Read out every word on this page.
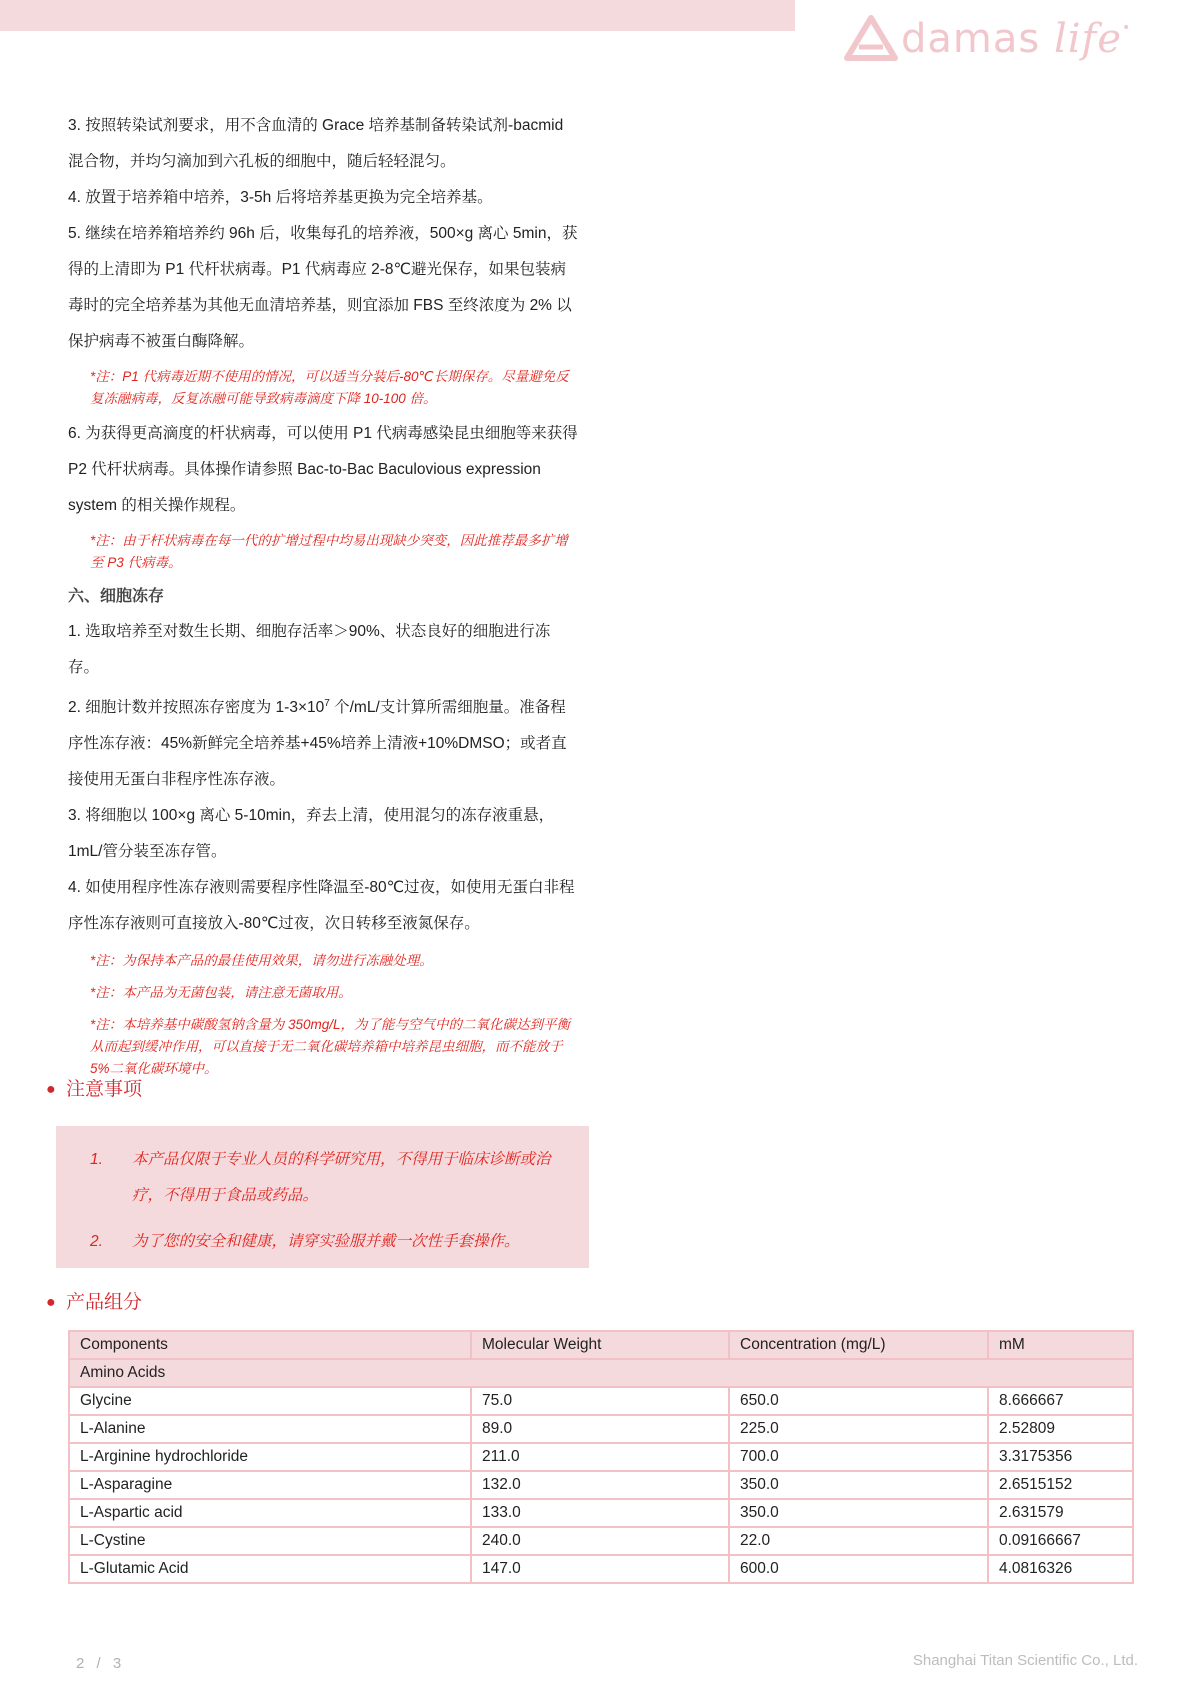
damas life•

3. 按照转染试剂要求，用不含血清的 Grace 培养基制备转染试剂-bacmid 混合物，并均匀滴加到六孔板的细胞中，随后轻轻混匀。

4. 放置于培养箱中培养，3-5h 后将培养基更换为完全培养基。

5. 继续在培养箱培养约 96h 后，收集每孔的培养液，500×g 离心 5min，获得的上清即为 P1 代杆状病毒。P1 代病毒应 2-8℃避光保存，如果包装病毒时的完全培养基为其他无血清培养基，则宜添加 FBS 至终浓度为 2% 以保护病毒不被蛋白酶降解。

*注：P1 代病毒近期不使用的情况，可以适当分装后-80℃长期保存。尽量避免反复冻融病毒，反复冻融可能导致病毒滴度下降 10-100 倍。

6. 为获得更高滴度的杆状病毒，可以使用 P1 代病毒感染昆虫细胞等来获得 P2 代杆状病毒。具体操作请参照 Bac-to-Bac Baculovious expression system 的相关操作规程。

*注：由于杆状病毒在每一代的扩增过程中均易出现缺少突变，因此推荐最多扩增至 P3 代病毒。

六、细胞冻存

1. 选取培养至对数生长期、细胞存活率＞90%、状态良好的细胞进行冻存。

2. 细胞计数并按照冻存密度为 $1-3\times 10^7$ 个/mL/支计算所需细胞量。准备程序性冻存液：45%新鲜完全培养基+45%培养上清液+10%DMSO；或者直接使用无蛋白非程序性冻存液。

3. 将细胞以 100×g 离心 5-10min，弃去上清，使用混匀的冻存液重悬，1mL/管分装至冻存管。

4. 如使用程序性冻存液则需要程序性降温至-80℃过夜，如使用无蛋白非程序性冻存液则可直接放入-80℃过夜，次日转移至液氮保存。

*注：为保持本产品的最佳使用效果，请勿进行冻融处理。

*注：本产品为无菌包装，请注意无菌取用。

*注：本培养基中碳酸氢钠含量为 350mg/L，为了能与空气中的二氧化碳达到平衡从而起到缓冲作用，可以直接于无二氧化碳培养箱中培养昆虫细胞，而不能放于 5%二氧化碳环境中。

● 注意事项
1.	本产品仅限于专业人员的科学研究用，不得用于临床诊断或治疗，不得用于食品或药品。
2.	为了您的安全和健康，请穿实验服并戴一次性手套操作。
● 产品组分
Components	Molecular Weight	Concentration (mg/L)	mM
Amino Acids			
Glycine	75.0	650.0	8.666667
L-Alanine	89.0	225.0	2.52809
L-Arginine hydrochloride	211.0	700.0	3.3175356
L-Asparagine	132.0	350.0	2.6515152
L-Aspartic acid	133.0	350.0	2.631579
L-Cystine	240.0	22.0	0.09166667
L-Glutamic Acid	147.0	600.0	4.0816326
2 / 3	Shanghai Titan Scientific Co., Ltd.
